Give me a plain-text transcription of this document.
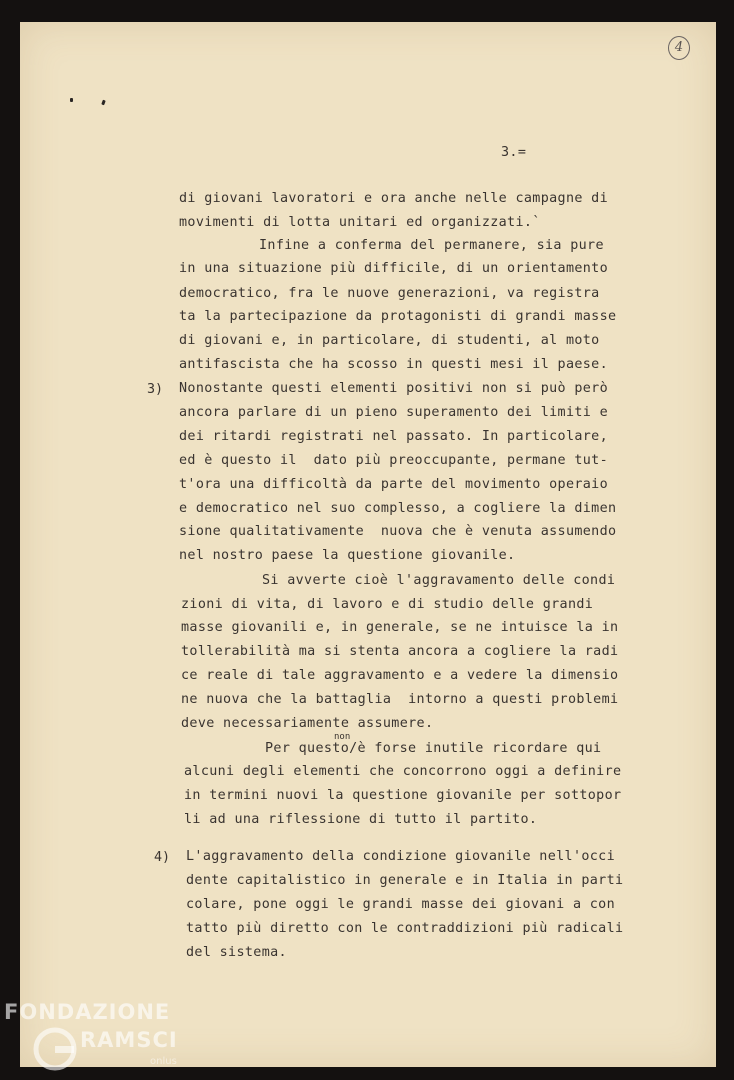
4
3.=
di giovani lavoratori e ora anche nelle campagne di
movimenti di lotta unitari ed organizzati.`
Infine a conferma del permanere, sia pure
in una situazione più difficile, di un orientamento
democratico, fra le nuove generazioni, va registra
ta la partecipazione da protagonisti di grandi masse
di giovani e, in particolare, di studenti, al moto
antifascista che ha scosso in questi mesi il paese.
3) Nonostante questi elementi positivi non si può però
ancora parlare di un pieno superamento dei limiti e
dei ritardi registrati nel passato. In particolare,
ed è questo il  dato più preoccupante, permane tut-
t'ora una difficoltà da parte del movimento operaio
e democratico nel suo complesso, a cogliere la dimen
sione qualitativamente  nuova che è venuta assumendo
nel nostro paese la questione giovanile.
Si avverte cioè l'aggravamento delle condi
zioni di vita, di lavoro e di studio delle grandi
masse giovanili e, in generale, se ne intuisce la in
tollerabilità ma si stenta ancora a cogliere la radi
ce reale di tale aggravamento e a vedere la dimensio
ne nuova che la battaglia  intorno a questi problemi
deve necessariamente assumere.
non
Per questo/è forse inutile ricordare qui
alcuni degli elementi che concorrono oggi a definire
in termini nuovi la questione giovanile per sottopor
li ad una riflessione di tutto il partito.
4) L'aggravamento della condizione giovanile nell'occi
dente capitalistico in generale e in Italia in parti
colare, pone oggi le grandi masse dei giovani a con
tatto più diretto con le contraddizioni più radicali
del sistema.
FONDAZIONE
RAMSCI
onlus
